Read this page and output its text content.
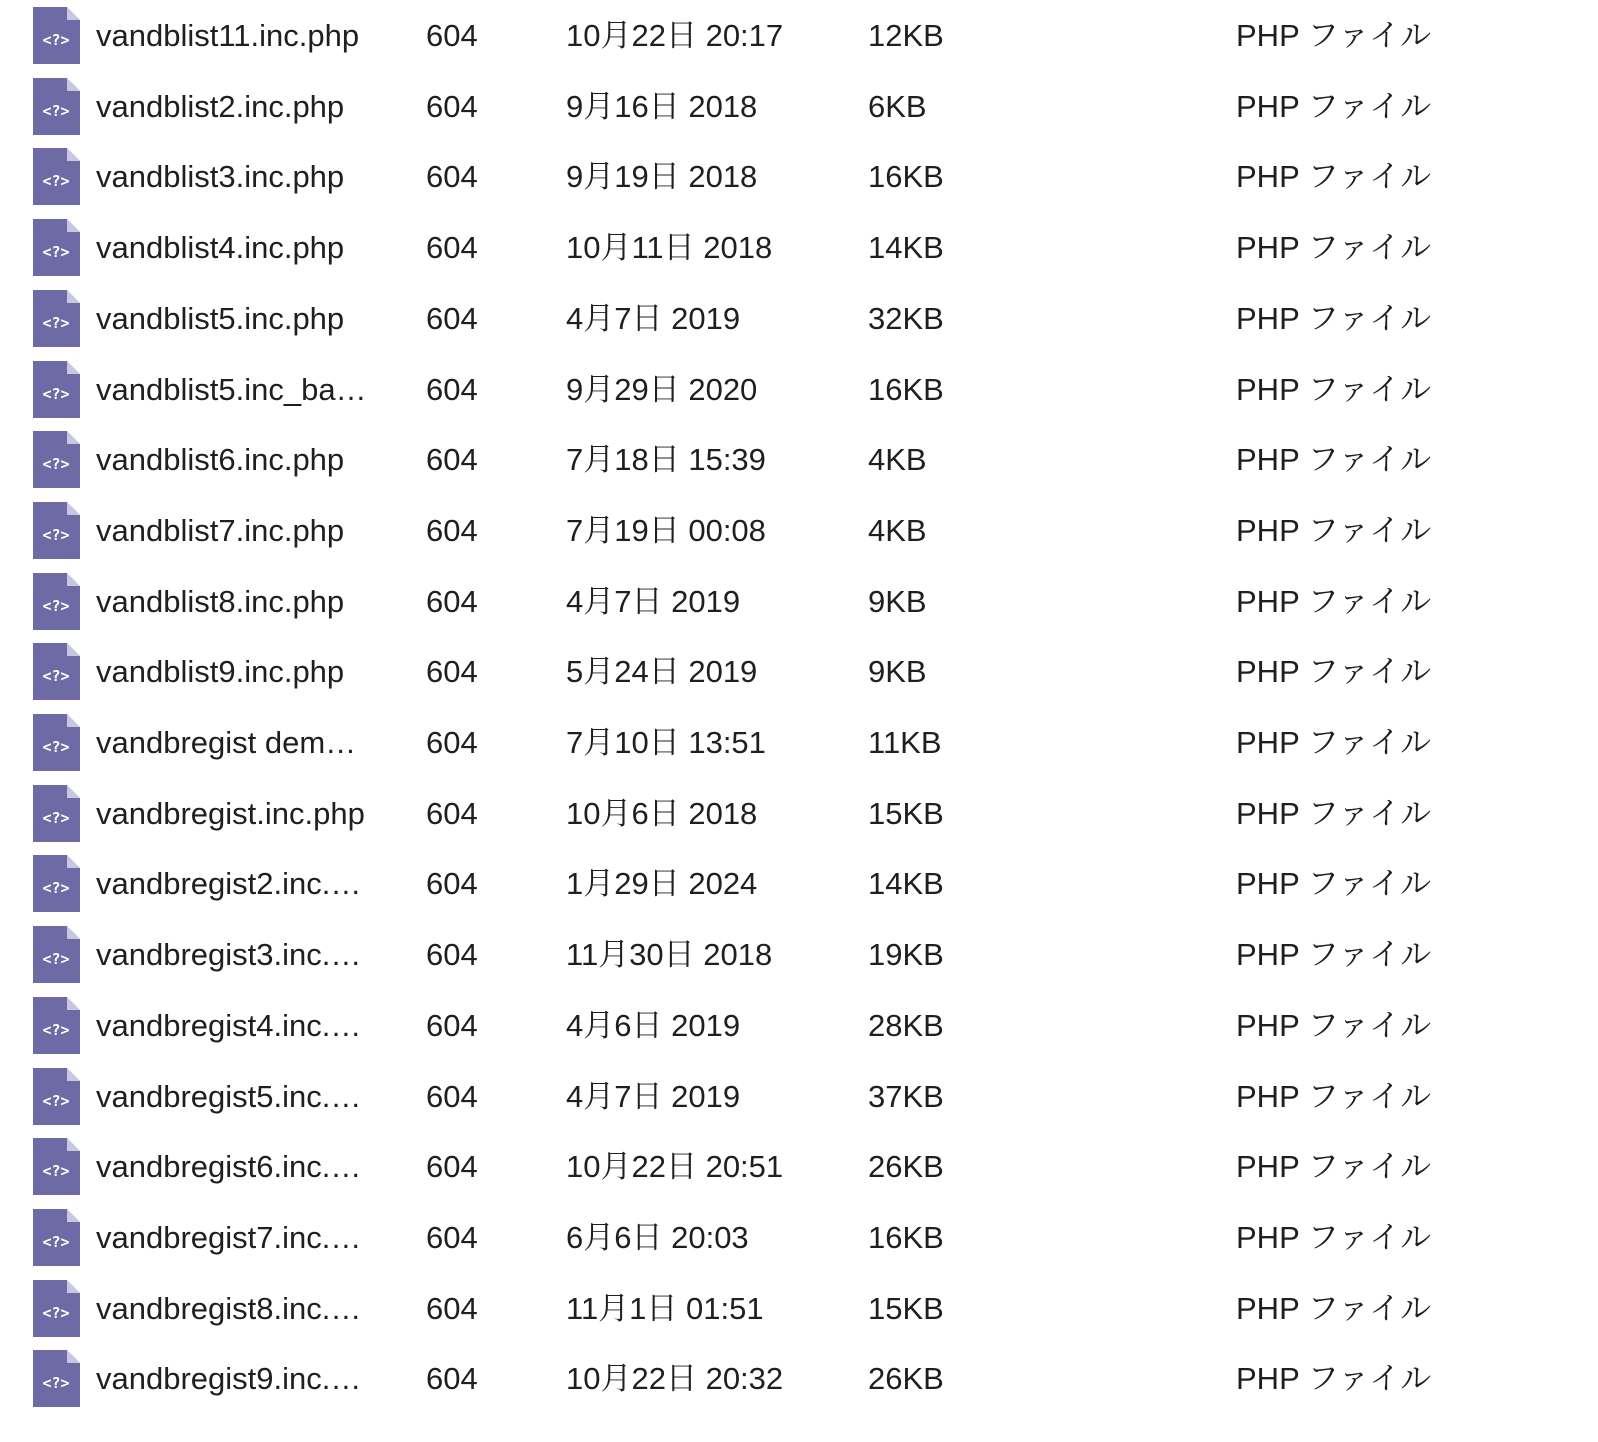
<?> vandblist11.inc.php	604	10月22日 20:17	12KB	PHP ファイル
<?> vandblist2.inc.php	604	9月16日 2018	6KB	PHP ファイル
<?> vandblist3.inc.php	604	9月19日 2018	16KB	PHP ファイル
<?> vandblist4.inc.php	604	10月11日 2018	14KB	PHP ファイル
<?> vandblist5.inc.php	604	4月7日 2019	32KB	PHP ファイル
<?> vandblist5.inc_ba…	604	9月29日 2020	16KB	PHP ファイル
<?> vandblist6.inc.php	604	7月18日 15:39	4KB	PHP ファイル
<?> vandblist7.inc.php	604	7月19日 00:08	4KB	PHP ファイル
<?> vandblist8.inc.php	604	4月7日 2019	9KB	PHP ファイル
<?> vandblist9.inc.php	604	5月24日 2019	9KB	PHP ファイル
<?> vandbregist dem…	604	7月10日 13:51	11KB	PHP ファイル
<?> vandbregist.inc.php	604	10月6日 2018	15KB	PHP ファイル
<?> vandbregist2.inc.…	604	1月29日 2024	14KB	PHP ファイル
<?> vandbregist3.inc.…	604	11月30日 2018	19KB	PHP ファイル
<?> vandbregist4.inc.…	604	4月6日 2019	28KB	PHP ファイル
<?> vandbregist5.inc.…	604	4月7日 2019	37KB	PHP ファイル
<?> vandbregist6.inc.…	604	10月22日 20:51	26KB	PHP ファイル
<?> vandbregist7.inc.…	604	6月6日 20:03	16KB	PHP ファイル
<?> vandbregist8.inc.…	604	11月1日 01:51	15KB	PHP ファイル
<?> vandbregist9.inc.…	604	10月22日 20:32	26KB	PHP ファイル
